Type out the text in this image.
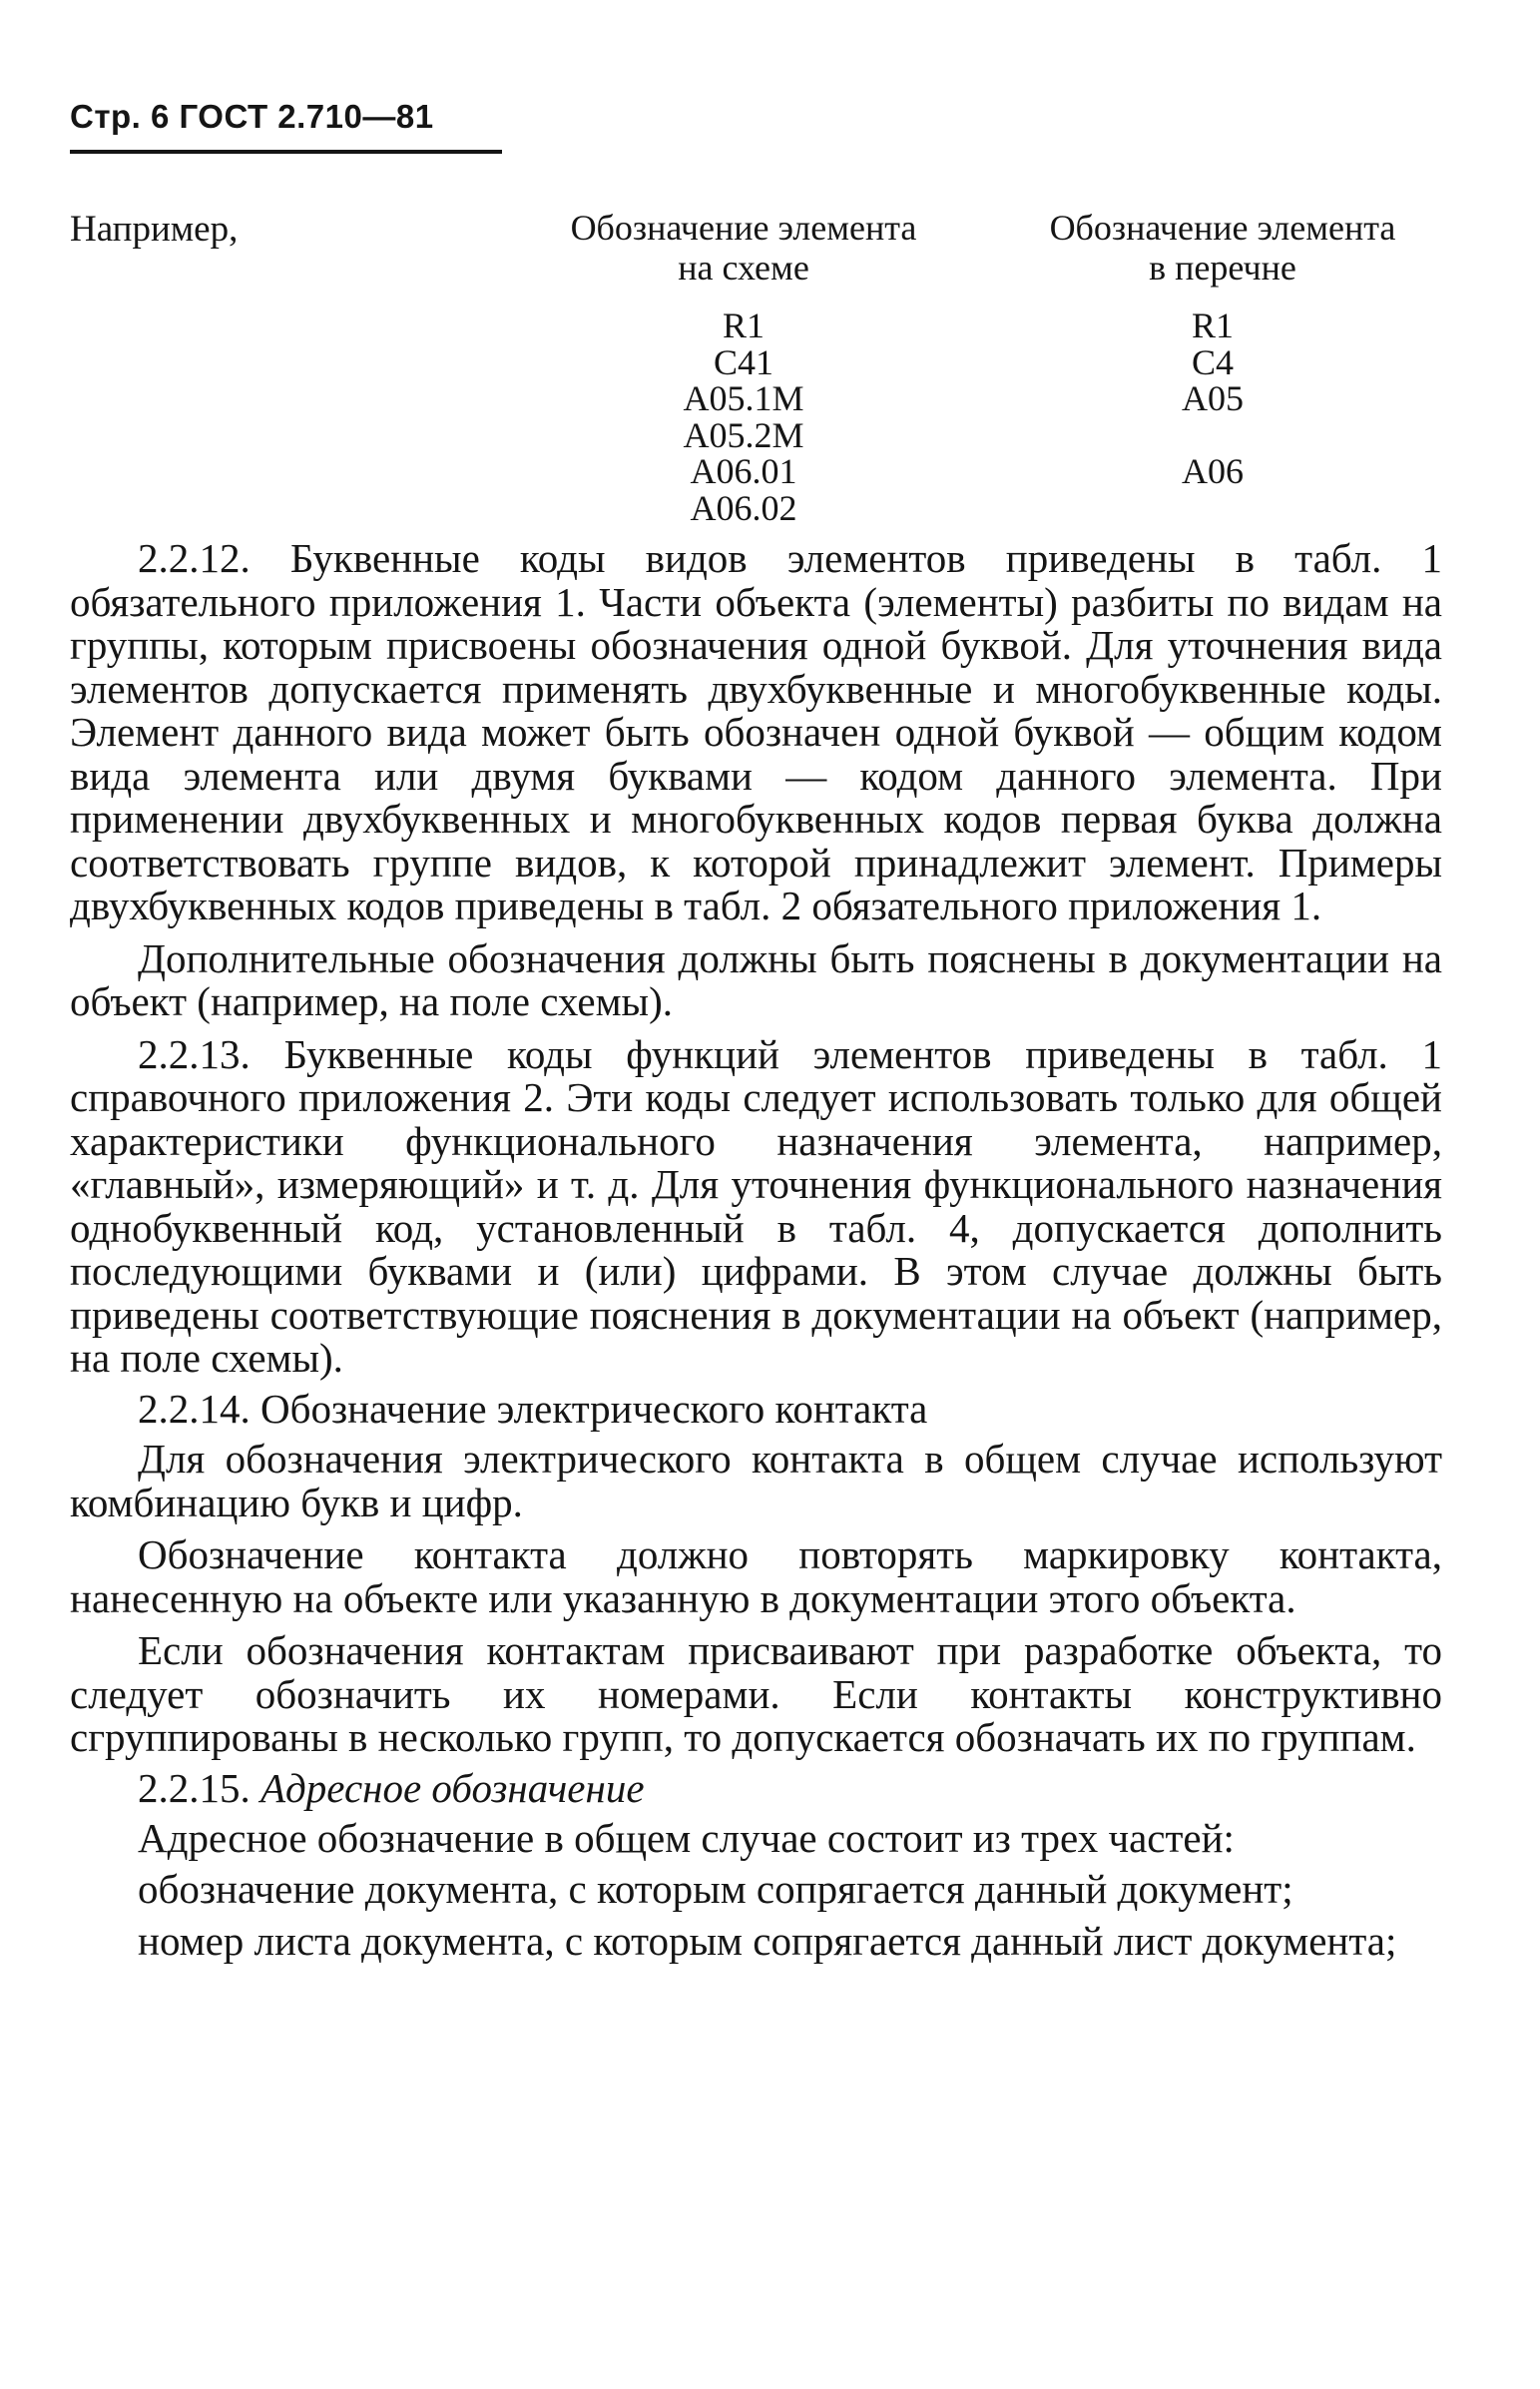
Стр. 6 ГОСТ 2.710—81
Например,	Обозначение элемента
на схеме
Обозначение элемента
в перечне
R1
C41
A05.1M
A05.2M
A06.01
A06.02
R1
C4
A05
A06

2.2.12. Буквенные коды видов элементов приведены в табл. 1 обязательного приложения 1. Части объекта (элементы) разбиты по видам на группы, которым присвоены обозначения одной буквой. Для уточнения вида элементов допускается применять двухбуквенные и многобуквенные коды. Элемент данного вида может быть обозначен одной буквой — общим кодом вида элемента или двумя буквами — кодом данного элемента. При применении двухбуквенных и многобуквенных кодов первая буква должна соответствовать группе видов, к которой принадлежит элемент. Примеры двухбуквенных кодов приведены в табл. 2 обязательного приложения 1.

Дополнительные обозначения должны быть пояснены в документации на объект (например, на поле схемы).

2.2.13. Буквенные коды функций элементов приведены в табл. 1 справочного приложения 2. Эти коды следует использовать только для общей характеристики функционального назначения элемента, например, «главный», измеряющий» и т. д. Для уточнения функционального назначения однобуквенный код, установленный в табл. 4, допускается дополнить последующими буквами и (или) цифрами. В этом случае должны быть приведены соответствующие пояснения в документации на объект (например, на поле схемы).

2.2.14. Обозначение электрического контакта

Для обозначения электрического контакта в общем случае используют комбинацию букв и цифр.

Обозначение контакта должно повторять маркировку контакта, нанесенную на объекте или указанную в документации этого объекта.

Если обозначения контактам присваивают при разработке объекта, то следует обозначить их номерами. Если контакты конструктивно сгруппированы в несколько групп, то допускается обозначать их по группам.

2.2.15. Адресное обозначение

Адресное обозначение в общем случае состоит из трех частей:

обозначение документа, с которым сопрягается данный документ;

номер листа документа, с которым сопрягается данный лист документа;
